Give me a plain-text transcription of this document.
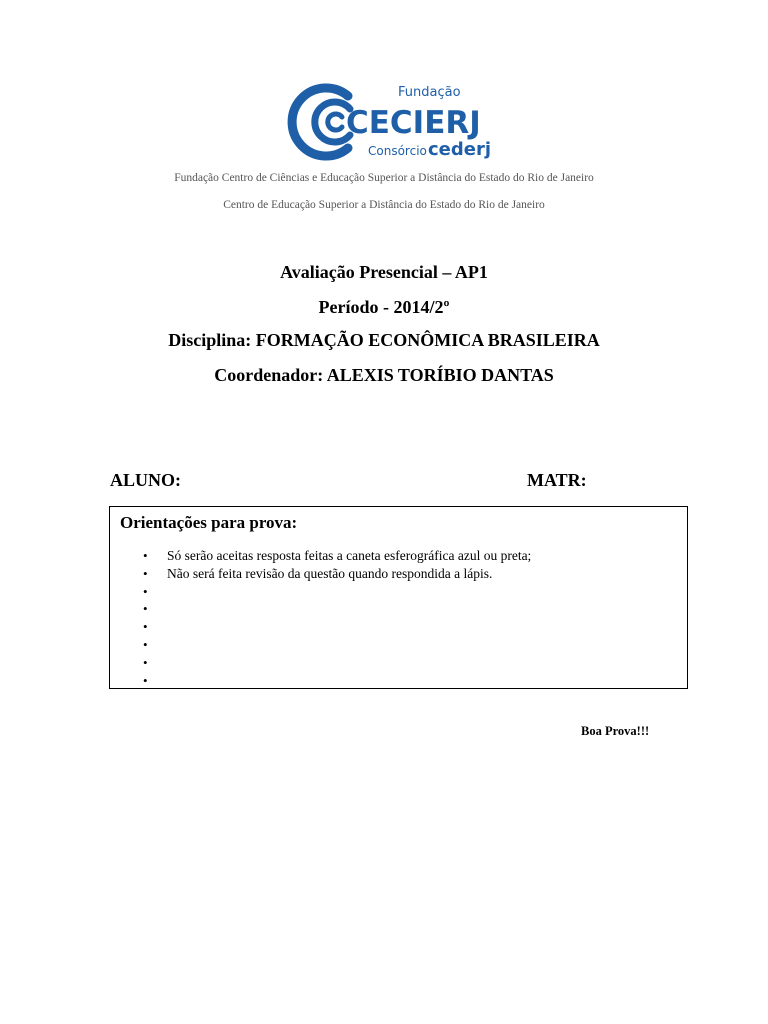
Fundação
CECIERJ
Consórcio cederj
Fundação Centro de Ciências e Educação Superior a Distância do Estado do Rio de Janeiro
Centro de Educação Superior a Distância do Estado do Rio de Janeiro
Avaliação Presencial – AP1
Período - 2014/2º
Disciplina: FORMAÇÃO ECONÔMICA BRASILEIRA
Coordenador: ALEXIS TORÍBIO DANTAS
ALUNO:	MATR:
Orientações para prova:
• Só serão aceitas resposta feitas a caneta esferográfica azul ou preta;
• Não será feita revisão da questão quando respondida a lápis.
•
•
•
•
•
•
Boa Prova!!!
